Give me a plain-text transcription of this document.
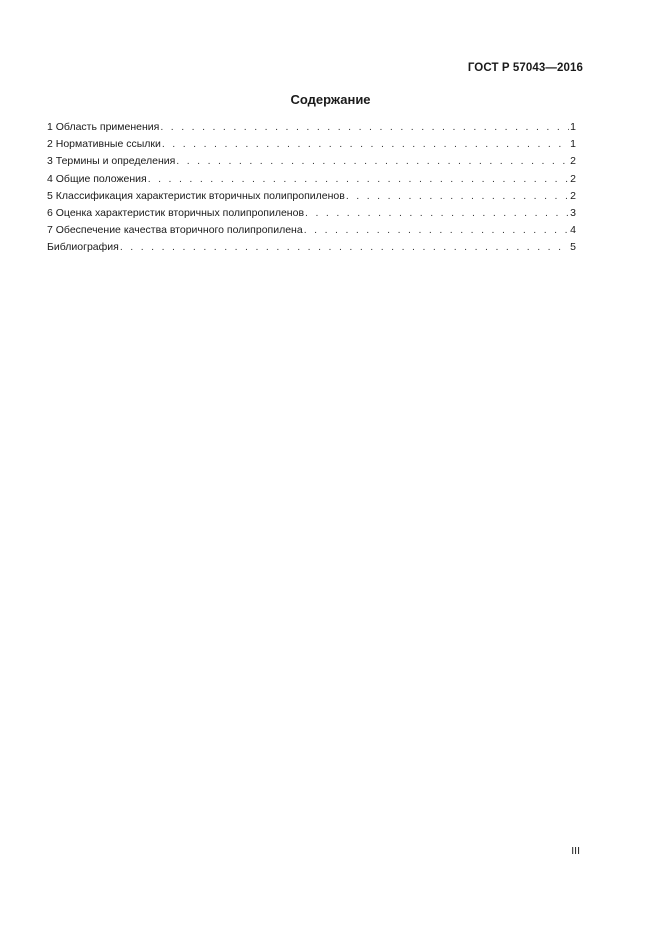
ГОСТ Р 57043—2016
Содержание
1 Область применения . . .	1
2 Нормативные ссылки . . .	1
3 Термины и определения . . .	2
4 Общие положения . . .	2
5 Классификация характеристик вторичных полипропиленов . . .	2
6 Оценка характеристик вторичных полипропиленов . . .	3
7 Обеспечение качества вторичного полипропилена . . .	4
Библиография . . .	5
III
